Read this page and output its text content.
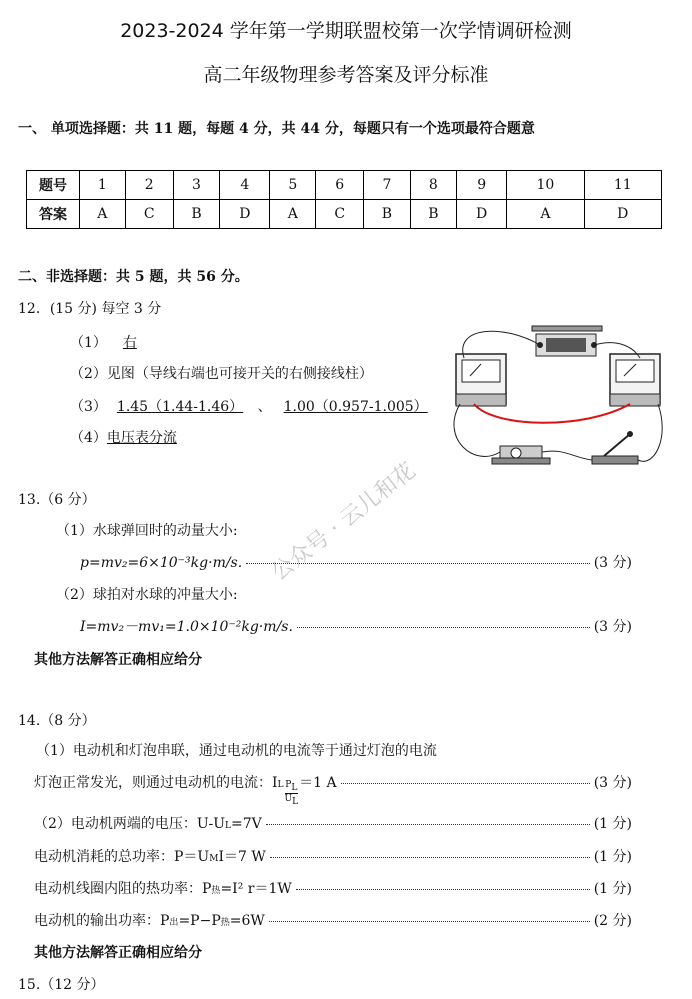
2023-2024 学年第一学期联盟校第一次学情调研检测
高二年级物理参考答案及评分标准
一、 单项选择题：共 11 题，每题 4 分，共 44 分，每题只有一个选项最符合题意
题号	1	2	3	4	5	6	7	8	9	10	11
答案	A	C	B	D	A	C	B	B	D	A	D
二、非选择题：共 5 题，共 56 分。
12．(15 分) 每空 3 分
（1） 右
（2）见图（导线右端也可接开关的右侧接线柱）
（3） 1.45（1.44-1.46） 、 1.00（0.957-1.005）
（4）电压表分流
公众号 · 云儿和花
13.（6 分）
（1）水球弹回时的动量大小:
p=mv₂=6×10⁻³kg·m/s.	(3 分)
（2）球拍对水球的冲量大小:
I=mv₂－mv₁=1.0×10⁻²kg·m/s.	(3 分)
其他方法解答正确相应给分
14.（8 分）
（1）电动机和灯泡串联，通过电动机的电流等于通过灯泡的电流
灯泡正常发光，则通过电动机的电流：$I_L$ $P_L$
$U_L$
＝1 A	(3 分)
（2）电动机两端的电压：$U-U_L =7V$	(1 分)
电动机消耗的总功率：$P=U_M$ I＝7 W	(1 分)
电动机线圈内阻的热功率：P 热 =I² r＝1W	(1 分)
电动机的输出功率：P 出 =P−P 热 =6W	(2 分)
其他方法解答正确相应给分
15.（12 分）
